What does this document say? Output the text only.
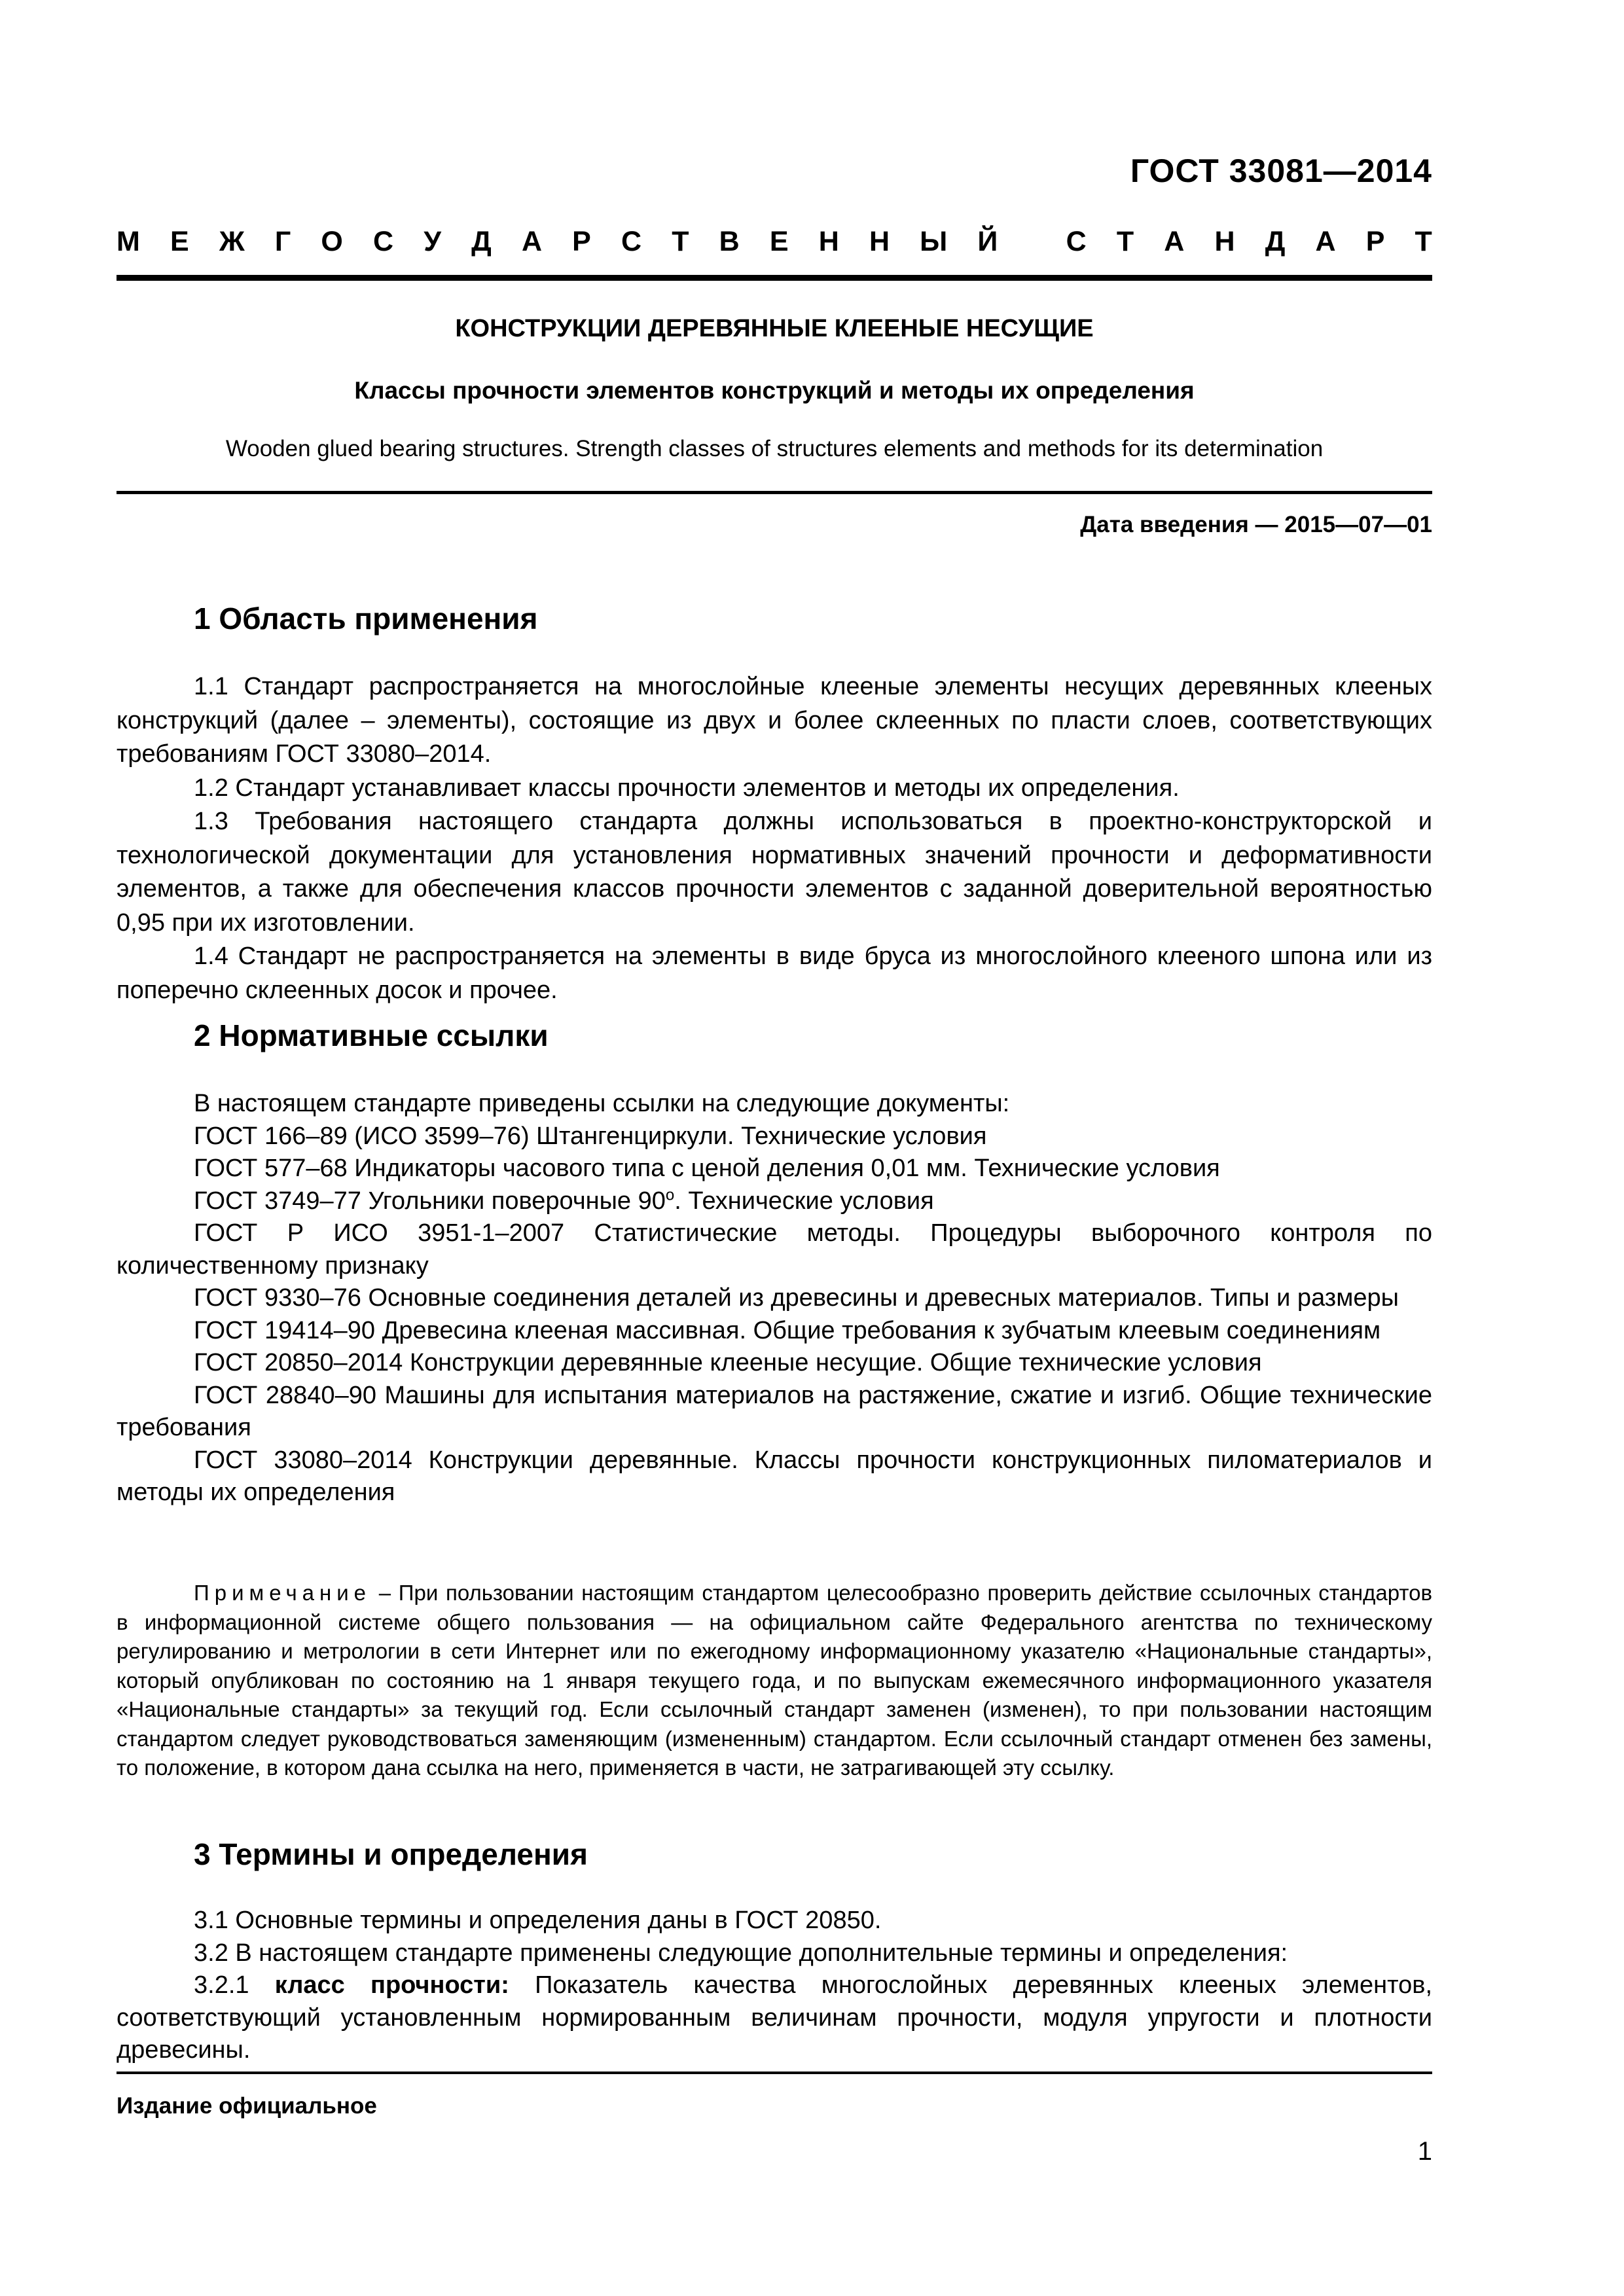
ГОСТ 33081—2014
М Е Ж Г О С У Д А Р С Т В Е Н Н Ы Й
С Т А Н Д А Р Т
КОНСТРУКЦИИ ДЕРЕВЯННЫЕ КЛЕЕНЫЕ НЕСУЩИЕ
Классы прочности элементов конструкций и методы их определения
Wooden glued bearing structures. Strength classes of structures elements and methods for its determination
Дата введения — 2015—07—01
1 Область применения

1.1 Стандарт распространяется на многослойные клееные элементы несущих деревянных клееных конструкций (далее – элементы), состоящие из двух и более склеенных по пласти слоев, соответствующих требованиям ГОСТ 33080–2014.

1.2 Стандарт устанавливает классы прочности элементов и методы их определения.

1.3 Требования настоящего стандарта должны использоваться в проектно-конструкторской и технологической документации для установления нормативных значений прочности и деформативности элементов, а также для обеспечения классов прочности элементов с заданной доверительной вероятностью 0,95 при их изготовлении.

1.4 Стандарт не распространяется на элементы в виде бруса из многослойного клееного шпона или из поперечно склеенных досок и прочее.

2 Нормативные ссылки

В настоящем стандарте приведены ссылки на следующие документы:

ГОСТ 166–89 (ИСО 3599–76) Штангенциркули. Технические условия

ГОСТ 577–68 Индикаторы часового типа с ценой деления 0,01 мм. Технические условия

ГОСТ 3749–77 Угольники поверочные $90^о$. Технические условия

ГОСТ Р ИСО 3951-1–2007 Статистические методы. Процедуры выборочного контроля по количественному признаку

ГОСТ 9330–76 Основные соединения деталей из древесины и древесных материалов. Типы и размеры

ГОСТ 19414–90 Древесина клееная массивная. Общие требования к зубчатым клеевым соединениям

ГОСТ 20850–2014 Конструкции деревянные клееные несущие. Общие технические условия

ГОСТ 28840–90 Машины для испытания материалов на растяжение, сжатие и изгиб. Общие технические требования

ГОСТ 33080–2014 Конструкции деревянные. Классы прочности конструкционных пиломатериалов и методы их определения

Примечание – При пользовании настоящим стандартом целесообразно проверить действие ссылочных стандартов в информационной системе общего пользования — на официальном сайте Федерального агентства по техническому регулированию и метрологии в сети Интернет или по ежегодному информационному указателю «Национальные стандарты», который опубликован по состоянию на 1 января текущего года, и по выпускам ежемесячного информационного указателя «Национальные стандарты» за текущий год. Если ссылочный стандарт заменен (изменен), то при пользовании настоящим стандартом следует руководствоваться заменяющим (измененным) стандартом. Если ссылочный стандарт отменен без замены, то положение, в котором дана ссылка на него, применяется в части, не затрагивающей эту ссылку.

3 Термины и определения

3.1 Основные термины и определения даны в ГОСТ 20850.

3.2 В настоящем стандарте применены следующие дополнительные термины и определения:

3.2.1 класс прочности: Показатель качества многослойных деревянных клееных элементов, соответствующий установленным нормированным величинам прочности, модуля упругости и плотности древесины.

Издание официальное
1
